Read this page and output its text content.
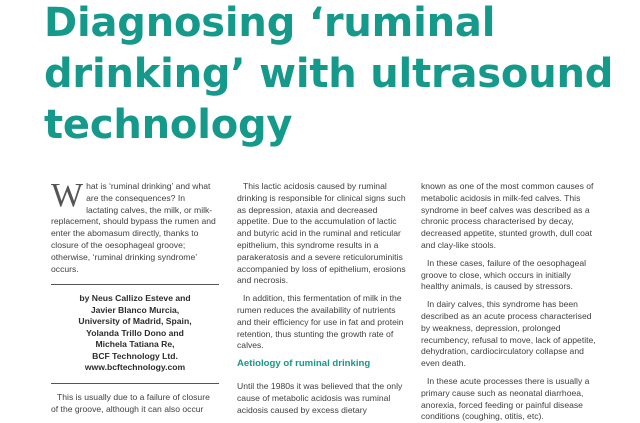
Diagnosing ‘ruminal drinking’ with ultrasound technology

What is ‘ruminal drinking’ and what are the consequences? In lactating calves, the milk, or milk-replacement, should bypass the rumen and enter the abomasum directly, thanks to closure of the oesophageal groove; otherwise, ‘ruminal drinking syndrome’ occurs.

by Neus Callizo Esteve and
Javier Blanco Murcia,
University of Madrid, Spain,
Yolanda Trillo Dono and
Michela Tatiana Re,
BCF Technology Ltd.
www.bcftechnology.com

This is usually due to a failure of closure of the groove, although it can also occur

This lactic acidosis caused by ruminal drinking is responsible for clinical signs such as depression, ataxia and decreased appetite. Due to the accumulation of lactic and butyric acid in the ruminal and reticular epithelium, this syndrome results in a parakeratosis and a severe reticuloruminitis accompanied by loss of epithelium, erosions and necrosis.

In addition, this fermentation of milk in the rumen reduces the availability of nutrients and their efficiency for use in fat and protein retention, thus stunting the growth rate of calves.

Aetiology of ruminal drinking

Until the 1980s it was believed that the only cause of metabolic acidosis was ruminal acidosis caused by excess dietary

known as one of the most common causes of metabolic acidosis in milk-fed calves. This syndrome in beef calves was described as a chronic process characterised by decay, decreased appetite, stunted growth, dull coat and clay-like stools.

In these cases, failure of the oesophageal groove to close, which occurs in initially healthy animals, is caused by stressors.

In dairy calves, this syndrome has been described as an acute process characterised by weakness, depression, prolonged recumbency, refusal to move, lack of appetite, dehydration, cardiocirculatory collapse and even death.

In these acute processes there is usually a primary cause such as neonatal diarrhoea, anorexia, forced feeding or painful disease conditions (coughing, otitis, etc).
